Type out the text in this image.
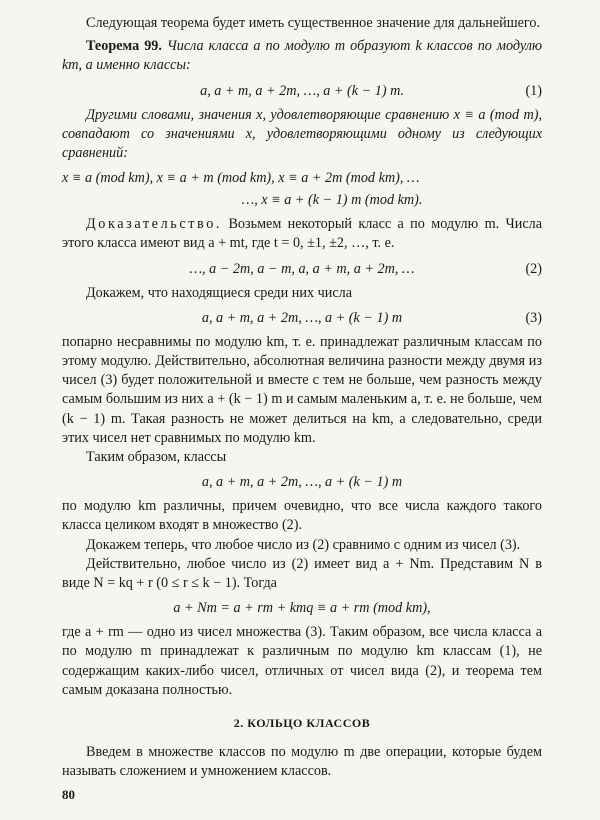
Следующая теорема будет иметь существенное значение для дальнейшего.

Теорема 99. Числа класса a по модулю m образуют k классов по модулю km, а именно классы:

a, a + m, a + 2m, …, a + (k − 1) m.	(1)

Другими словами, значения x, удовлетворяющие сравнению x ≡ a (mod m), совпадают со значениями x, удовлетворяющими одному из следующих сравнений:

x ≡ a (mod km), x ≡ a + m (mod km), x ≡ a + 2m (mod km), …
…, x ≡ a + (k − 1) m (mod km).

Доказательство. Возьмем некоторый класс a по модулю m. Числа этого класса имеют вид a + mt, где t = 0, ±1, ±2, …, т. е.

…, a − 2m, a − m, a, a + m, a + 2m, …	(2)

Докажем, что находящиеся среди них числа

a, a + m, a + 2m, …, a + (k − 1) m	(3)

попарно несравнимы по модулю km, т. е. принадлежат различным классам по этому модулю. Действительно, абсолютная величина разности между двумя из чисел (3) будет положительной и вместе с тем не больше, чем разность между самым большим из них a + (k − 1) m и самым маленьким a, т. е. не больше, чем (k − 1) m. Такая разность не может делиться на km, а следовательно, среди этих чисел нет сравнимых по модулю km.

Таким образом, классы

a, a + m, a + 2m, …, a + (k − 1) m

по модулю km различны, причем очевидно, что все числа каждого такого класса целиком входят в множество (2).

Докажем теперь, что любое число из (2) сравнимо с одним из чисел (3).

Действительно, любое число из (2) имеет вид a + Nm. Представим N в виде N = kq + r (0 ≤ r ≤ k − 1). Тогда

a + Nm = a + rm + kmq ≡ a + rm (mod km),

где a + rm — одно из чисел множества (3). Таким образом, все числа класса a по модулю m принадлежат к различным по модулю km классам (1), не содержащим каких-либо чисел, отличных от чисел вида (2), и теорема тем самым доказана полностью.

2. КОЛЬЦО КЛАССОВ

Введем в множестве классов по модулю m две операции, которые будем называть сложением и умножением классов.

80
